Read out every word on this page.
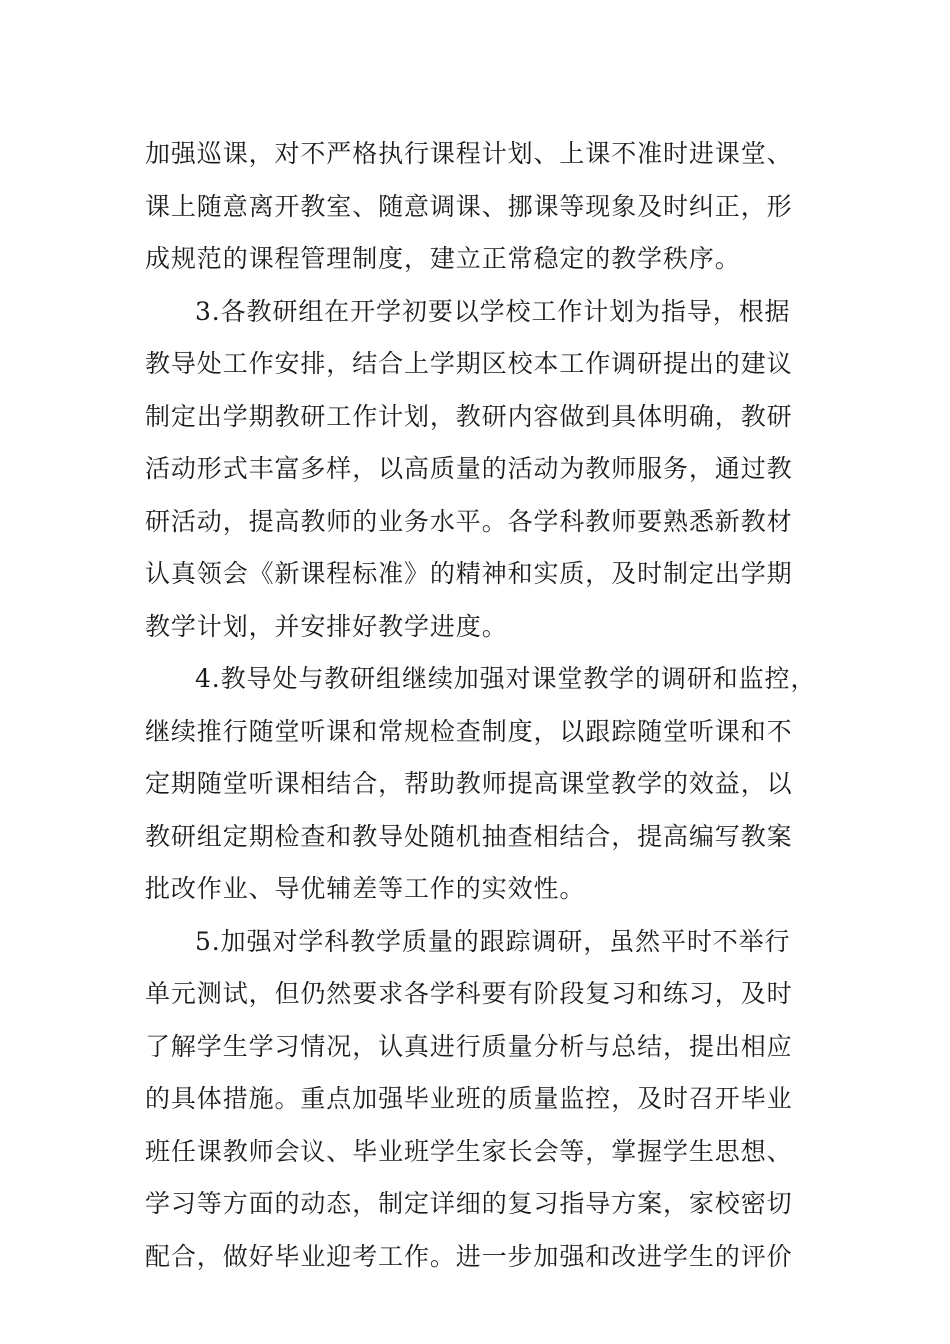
加强巡课，对不严格执行课程计划、上课不准时进课堂、
课上随意离开教室、随意调课、挪课等现象及时纠正，形
成规范的课程管理制度，建立正常稳定的教学秩序。
3.各教研组在开学初要以学校工作计划为指导，根据
教导处工作安排，结合上学期区校本工作调研提出的建议
制定出学期教研工作计划，教研内容做到具体明确，教研
活动形式丰富多样，以高质量的活动为教师服务，通过教
研活动，提高教师的业务水平。各学科教师要熟悉新教材
认真领会《新课程标准》的精神和实质，及时制定出学期
教学计划，并安排好教学进度。
4.教导处与教研组继续加强对课堂教学的调研和监控，
继续推行随堂听课和常规检查制度，以跟踪随堂听课和不
定期随堂听课相结合，帮助教师提高课堂教学的效益，以
教研组定期检查和教导处随机抽查相结合，提高编写教案
批改作业、导优辅差等工作的实效性。
5.加强对学科教学质量的跟踪调研，虽然平时不举行
单元测试，但仍然要求各学科要有阶段复习和练习，及时
了解学生学习情况，认真进行质量分析与总结，提出相应
的具体措施。重点加强毕业班的质量监控，及时召开毕业
班任课教师会议、毕业班学生家长会等，掌握学生思想、
学习等方面的动态，制定详细的复习指导方案，家校密切
配合，做好毕业迎考工作。进一步加强和改进学生的评价
